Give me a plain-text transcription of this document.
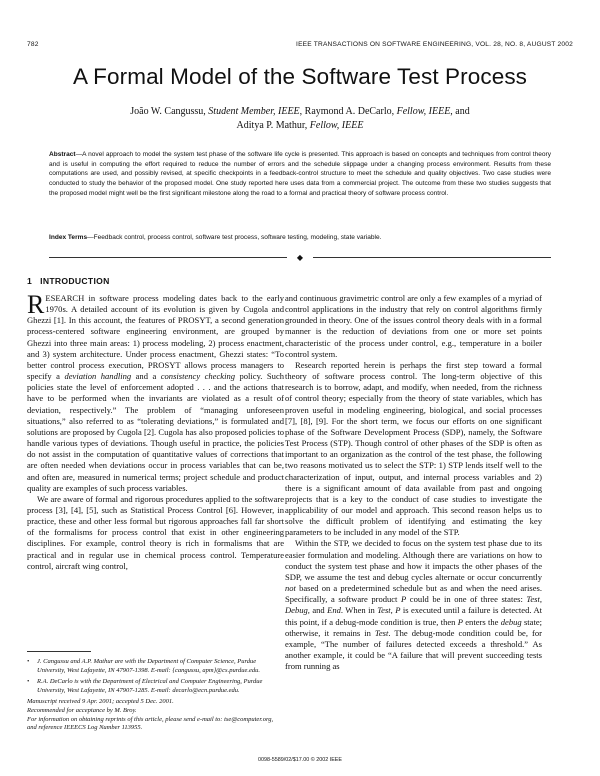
782	IEEE TRANSACTIONS ON SOFTWARE ENGINEERING, VOL. 28, NO. 8, AUGUST 2002
A Formal Model of the Software Test Process

João W. Cangussu, Student Member, IEEE, Raymond A. DeCarlo, Fellow, IEEE, and

Aditya P. Mathur, Fellow, IEEE

Abstract—A novel approach to model the system test phase of the software life cycle is presented. This approach is based on concepts and techniques from control theory and is useful in computing the effort required to reduce the number of errors and the schedule slippage under a changing process environment. Results from these computations are used, and possibly revised, at specific checkpoints in a feedback-control structure to meet the schedule and quality objectives. Two case studies were conducted to study the behavior of the proposed model. One study reported here uses data from a commercial project. The outcome from these two studies suggests that the proposed model might well be the first significant milestone along the road to a formal and practical theory of software process control.

Index Terms—Feedback control, process control, software test process, software testing, modeling, state variable.

◆
1 INTRODUCTION

RESEARCH in software process modeling dates back to the early 1970s. A detailed account of its evolution is given by Cugola and Ghezzi [1]. In this account, the features of PROSYT, a second generation process-centered software engineering environment, are grouped by Ghezzi into three main areas: 1) process modeling, 2) process enactment, and 3) system architecture. Under process enactment, Ghezzi states: “To better control process execution, PROSYT allows process managers to specify a deviation handling and a consistency checking policy. Such policies state the level of enforcement adopted . . . and the actions that have to be performed when the invariants are violated as a result of deviation, respectively.” The problem of “managing unforeseen situations,” also referred to as “tolerating deviations,” is formulated and solutions are proposed by Cugola [2]. Cugola has also proposed policies to handle various types of deviations. Though useful in practice, the policies do not assist in the computation of quantitative values of corrections that are often needed when deviations occur in process variables that can be, and often are, measured in numerical terms; project schedule and product quality are examples of such process variables.

We are aware of formal and rigorous procedures applied to the software process [3], [4], [5], such as Statistical Process Control [6]. However, in practice, these and other less formal but rigorous approaches fall far short of the formalisms for process control that exist in other engineering disciplines. For example, control theory is rich in formalisms that are practical and in regular use in chemical process control. Temperature control, aircraft wing control,

• J. Cangussu and A.P. Mathur are with the Department of Computer Science, Purdue University, West Lafayette, IN 47907-1398. E-mail: {cangussu, apm}@cs.purdue.edu.

• R.A. DeCarlo is with the Department of Electrical and Computer Engineering, Purdue University, West Lafayette, IN 47907-1285. E-mail: decarlo@ecn.purdue.edu.

Manuscript received 9 Apr. 2001; accepted 5 Dec. 2001.

Recommended for acceptance by M. Broy.

For information on obtaining reprints of this article, please send e-mail to: tse@computer.org, and reference IEEECS Log Number 113955.

and continuous gravimetric control are only a few examples of a myriad of control applications in the industry that rely on control algorithms firmly grounded in theory. One of the issues control theory deals with in a formal manner is the reduction of deviations from one or more set points characteristic of the process under control, e.g., temperature in a boiler control system.

Research reported herein is perhaps the first step toward a formal theory of software process control. The long-term objective of this research is to borrow, adapt, and modify, when needed, from the richness of control theory; especially from the theory of state variables, which has proven useful in modeling engineering, biological, and social processes [7], [8], [9]. For the short term, we focus our efforts on one significant phase of the Software Development Process (SDP), namely, the Software Test Process (STP). Though control of other phases of the SDP is often as important to an organization as the control of the test phase, the following two reasons motivated us to select the STP: 1) STP lends itself well to the characterization of input, output, and internal process variables and 2) there is a significant amount of data available from past and ongoing projects that is a key to the conduct of case studies to investigate the applicability of our model and approach. This second reason helps us to solve the difficult problem of identifying and estimating the key parameters to be included in any model of the STP.

Within the STP, we decided to focus on the system test phase due to its easier formulation and modeling. Although there are variations on how to conduct the system test phase and how it impacts the other phases of the SDP, we assume the test and debug cycles alternate or occur concurrently not based on a predetermined schedule but as and when the need arises. Specifically, a software product P could be in one of three states: Test, Debug, and End. When in Test, P is executed until a failure is detected. At this point, if a debug-mode condition is true, then P enters the debug state; otherwise, it remains in Test. The debug-mode condition could be, for example, “The number of failures detected exceeds a threshold.” As another example, it could be “A failure that will prevent succeeding tests from running as

0098-5589/02/$17.00 © 2002 IEEE
